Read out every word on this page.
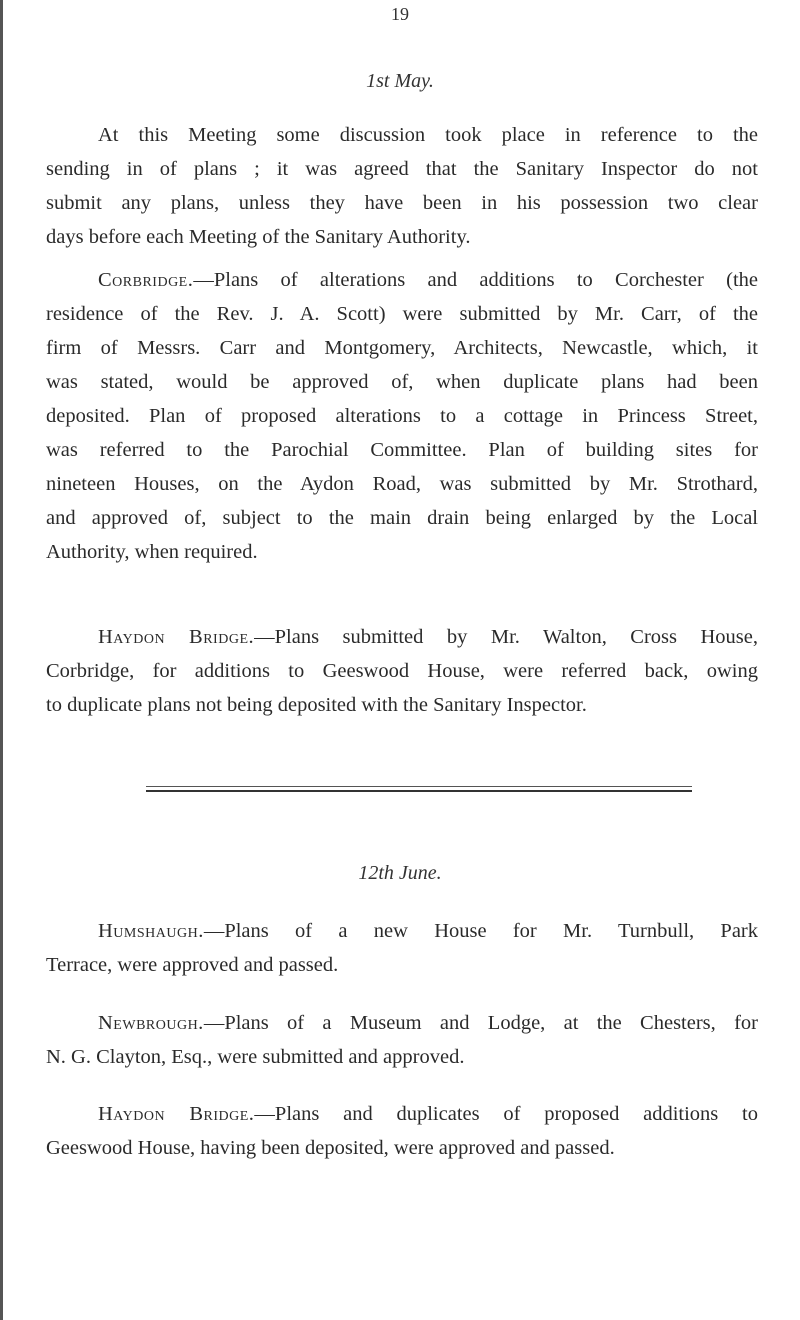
19
1st May.
At this Meeting some discussion took place in reference to the
sending in of plans ; it was agreed that the Sanitary Inspector do not
submit any plans, unless they have been in his possession two clear
days before each Meeting of the Sanitary Authority.
Corbridge.—Plans of alterations and additions to Corchester (the
residence of the Rev. J. A. Scott) were submitted by Mr. Carr, of the
firm of Messrs. Carr and Montgomery, Architects, Newcastle, which, it
was stated, would be approved of, when duplicate plans had been
deposited. Plan of proposed alterations to a cottage in Princess Street,
was referred to the Parochial Committee. Plan of building sites for
nineteen Houses, on the Aydon Road, was submitted by Mr. Strothard,
and approved of, subject to the main drain being enlarged by the Local
Authority, when required.
Haydon Bridge.—Plans submitted by Mr. Walton, Cross House,
Corbridge, for additions to Geeswood House, were referred back, owing
to duplicate plans not being deposited with the Sanitary Inspector.
12th June.
Humshaugh.—Plans of a new House for Mr. Turnbull, Park
Terrace, were approved and passed.
Newbrough.—Plans of a Museum and Lodge, at the Chesters, for
N. G. Clayton, Esq., were submitted and approved.
Haydon Bridge.—Plans and duplicates of proposed additions to
Geeswood House, having been deposited, were approved and passed.
